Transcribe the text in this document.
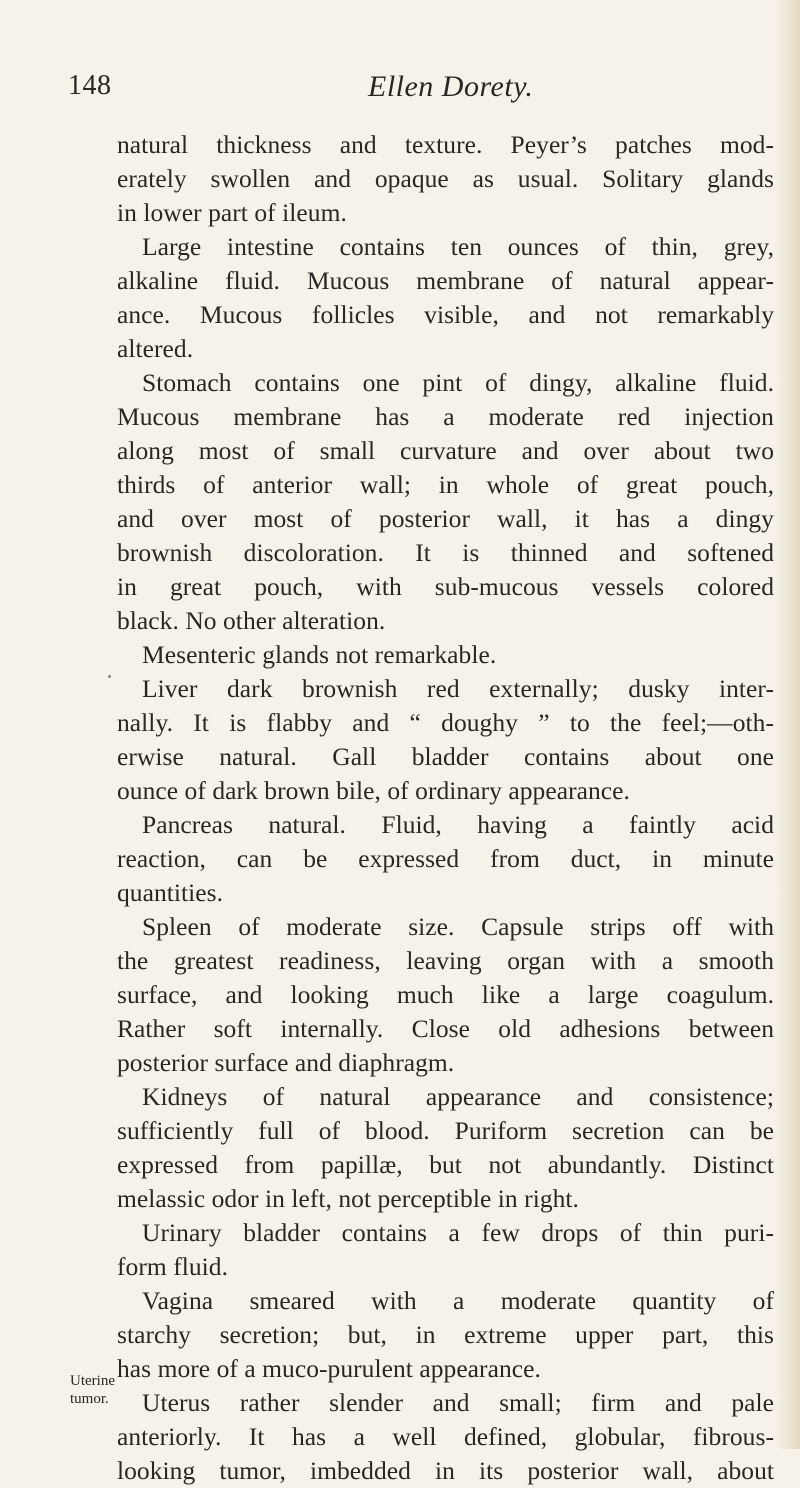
148	Ellen Dorety.
natural thickness and texture. Peyer’s patches mod-
erately swollen and opaque as usual. Solitary glands
in lower part of ileum.
Large intestine contains ten ounces of thin, grey,
alkaline fluid. Mucous membrane of natural appear-
ance. Mucous follicles visible, and not remarkably
altered.
Stomach contains one pint of dingy, alkaline fluid.
Mucous membrane has a moderate red injection
along most of small curvature and over about two
thirds of anterior wall; in whole of great pouch,
and over most of posterior wall, it has a dingy
brownish discoloration. It is thinned and softened
in great pouch, with sub-mucous vessels colored
black. No other alteration.
Mesenteric glands not remarkable.
Liver dark brownish red externally; dusky inter-
nally. It is flabby and “ doughy ” to the feel;—oth-
erwise natural. Gall bladder contains about one
ounce of dark brown bile, of ordinary appearance.
Pancreas natural. Fluid, having a faintly acid
reaction, can be expressed from duct, in minute
quantities.
Spleen of moderate size. Capsule strips off with
the greatest readiness, leaving organ with a smooth
surface, and looking much like a large coagulum.
Rather soft internally. Close old adhesions between
posterior surface and diaphragm.
Kidneys of natural appearance and consistence;
sufficiently full of blood. Puriform secretion can be
expressed from papillæ, but not abundantly. Distinct
melassic odor in left, not perceptible in right.
Urinary bladder contains a few drops of thin puri-
form fluid.
Vagina smeared with a moderate quantity of
starchy secretion; but, in extreme upper part, this
has more of a muco-purulent appearance.
Uterus rather slender and small; firm and pale
anteriorly. It has a well defined, globular, fibrous-
looking tumor, imbedded in its posterior wall, about
Uterine
tumor.
